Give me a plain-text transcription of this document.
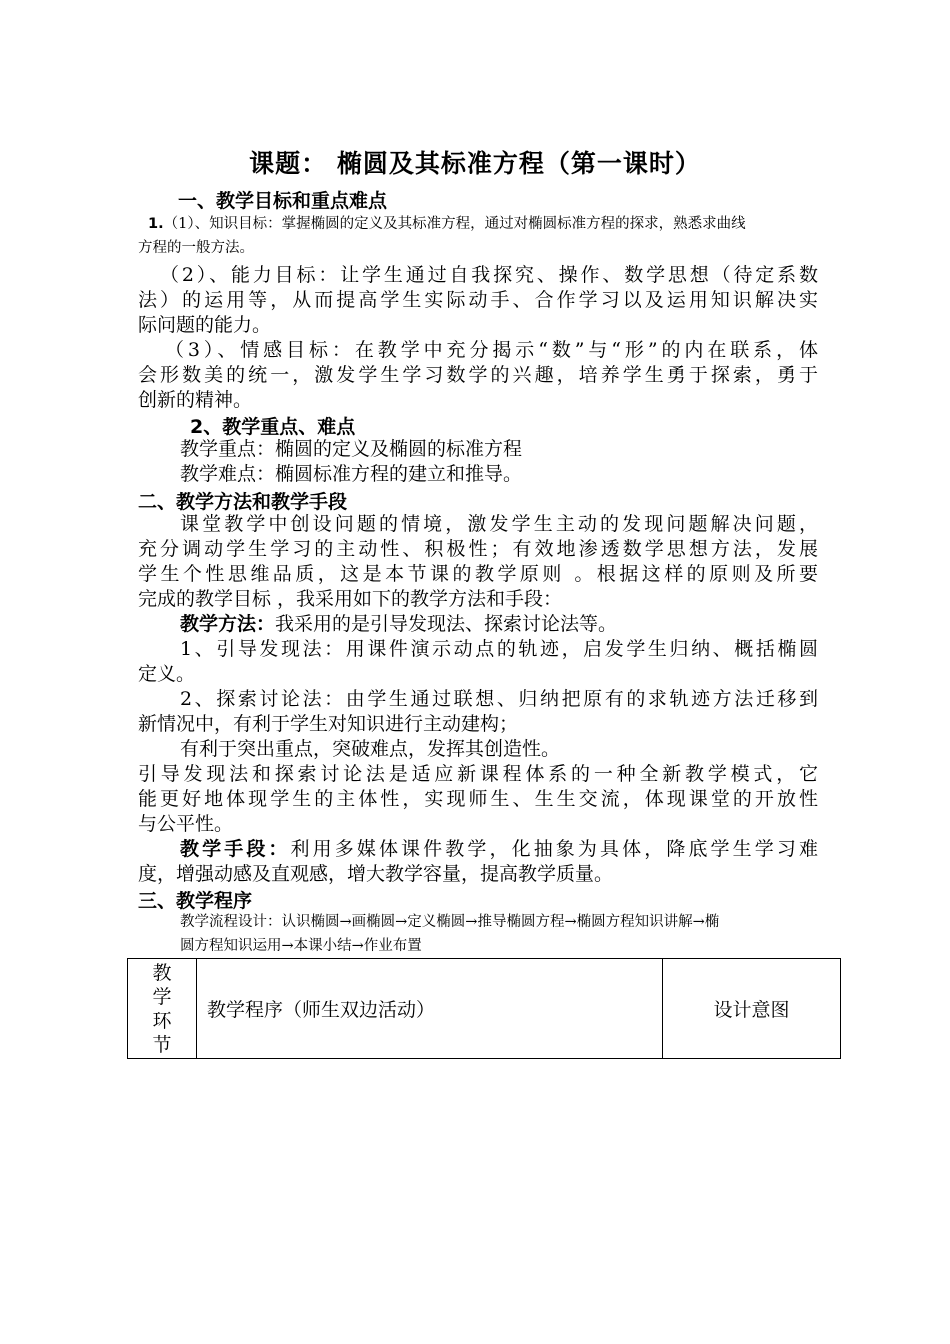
课题： 椭圆及其标准方程（第一课时）
一、教学目标和重点难点
1.（1）、知识目标：掌握椭圆的定义及其标准方程，通过对椭圆标准方程的探求，熟悉求曲线
方程的一般方法。
（2）、能力目标：让学生通过自我探究、操作、数学思想（待定系数
法）的运用等，从而提高学生实际动手、合作学习以及运用知识解决实
际问题的能力。
（3）、情感目标：在教学中充分揭示“数”与“形”的内在联系，体
会形数美的统一，激发学生学习数学的兴趣，培养学生勇于探索，勇于
创新的精神。
2、教学重点、难点
教学重点：椭圆的定义及椭圆的标准方程
教学难点：椭圆标准方程的建立和推导。
二、教学方法和教学手段
课堂教学中创设问题的情境，激发学生主动的发现问题解决问题，
充分调动学生学习的主动性、积极性；有效地渗透数学思想方法，发展
学生个性思维品质，这是本节课的教学原则 。根据这样的原则及所要
完成的教学目标 ，我采用如下的教学方法和手段：
教学方法：我采用的是引导发现法、探索讨论法等。
1、引导发现法：用课件演示动点的轨迹，启发学生归纳、概括椭圆
定义。
2、探索讨论法：由学生通过联想、归纳把原有的求轨迹方法迁移到
新情况中，有利于学生对知识进行主动建构；
有利于突出重点，突破难点，发挥其创造性。
引导发现法和探索讨论法是适应新课程体系的一种全新教学模式，它
能更好地体现学生的主体性，实现师生、生生交流，体现课堂的开放性
与公平性。
教学手段：利用多媒体课件教学，化抽象为具体，降底学生学习难
度，增强动感及直观感，增大教学容量，提高教学质量。
三、教学程序
教学流程设计：认识椭圆→画椭圆→定义椭圆→推导椭圆方程→椭圆方程知识讲解→椭
圆方程知识运用→本课小结→作业布置
教
学
环
节
	教学程序（师生双边活动）	设计意图
